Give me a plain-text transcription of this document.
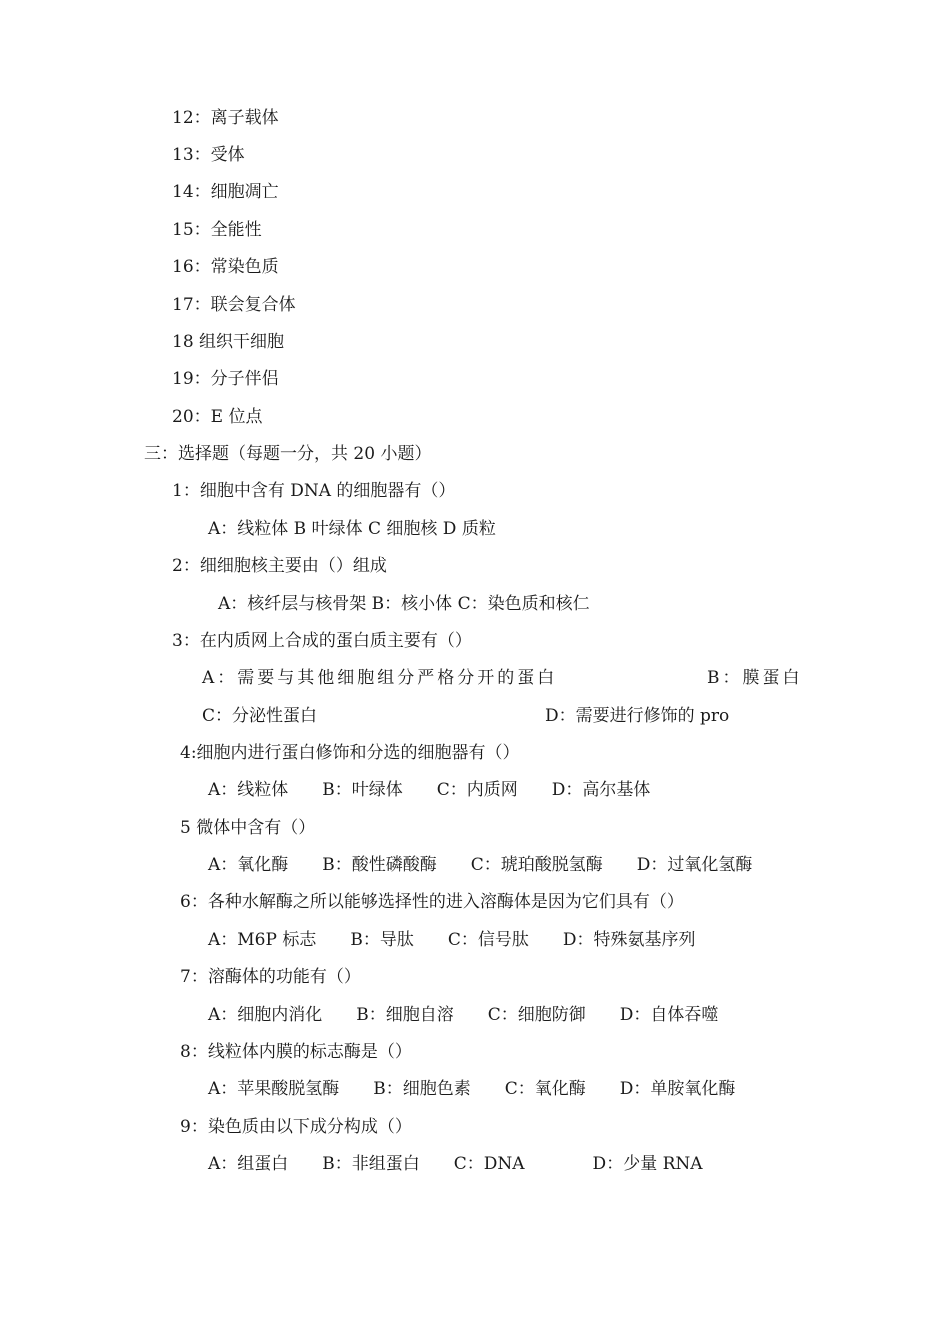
12：离子载体
13：受体
14：细胞凋亡
15：全能性
16：常染色质
17：联会复合体
18 组织干细胞
19：分子伴侣
20：E 位点
三：选择题（每题一分，共 20 小题）
1：细胞中含有 DNA 的细胞器有（）
A：线粒体 B 叶绿体 C 细胞核 D 质粒
2：细细胞核主要由（）组成
A：核纤层与核骨架 B：核小体 C：染色质和核仁
3：在内质网上合成的蛋白质主要有（）
A：需要与其他细胞组分严格分开的蛋白	B：膜蛋白
C：分泌性蛋白	D：需要进行修饰的 pro
4:细胞内进行蛋白修饰和分选的细胞器有（）
A：线粒体　　B：叶绿体　　C：内质网　　D：高尔基体
5 微体中含有（）
A：氧化酶　　B：酸性磷酸酶　　C：琥珀酸脱氢酶　　D：过氧化氢酶
6：各种水解酶之所以能够选择性的进入溶酶体是因为它们具有（）
A：M6P 标志　　B：导肽　　C：信号肽　　D：特殊氨基序列
7：溶酶体的功能有（）
A：细胞内消化　　B：细胞自溶　　C：细胞防御　　D：自体吞噬
8：线粒体内膜的标志酶是（）
A：苹果酸脱氢酶　　B：细胞色素　　C：氧化酶　　D：单胺氧化酶
9：染色质由以下成分构成（）
A：组蛋白　　B：非组蛋白　　C：DNA　　　　D：少量 RNA
